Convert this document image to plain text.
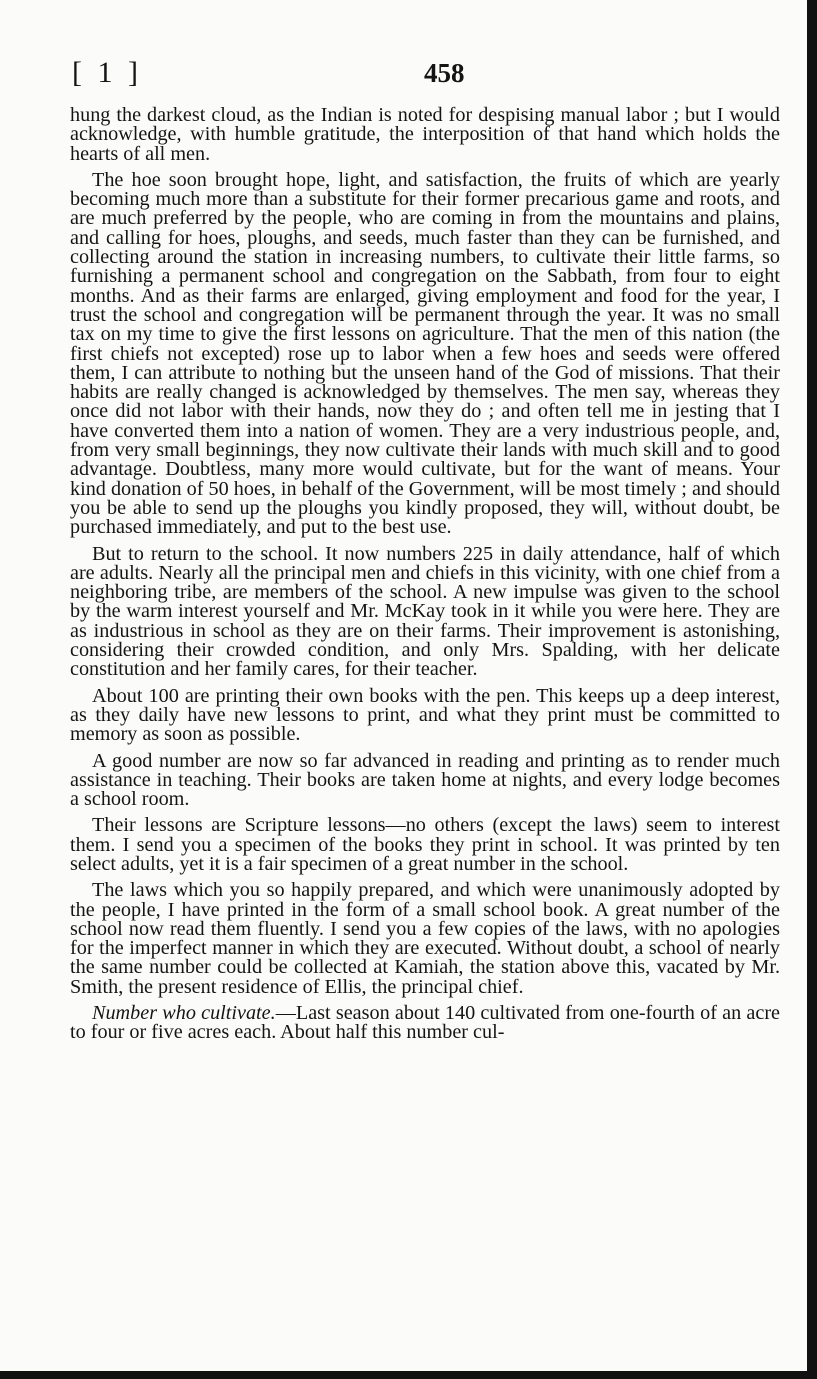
[ 1 ]	458

hung the darkest cloud, as the Indian is noted for despising manual labor ; but I would acknowledge, with humble gratitude, the interposition of that hand which holds the hearts of all men.

The hoe soon brought hope, light, and satisfaction, the fruits of which are yearly becoming much more than a substitute for their former precarious game and roots, and are much preferred by the people, who are coming in from the mountains and plains, and calling for hoes, ploughs, and seeds, much faster than they can be furnished, and collecting around the station in increasing numbers, to cultivate their little farms, so furnishing a permanent school and congregation on the Sabbath, from four to eight months. And as their farms are enlarged, giving employment and food for the year, I trust the school and congregation will be permanent through the year. It was no small tax on my time to give the first lessons on agriculture. That the men of this nation (the first chiefs not excepted) rose up to labor when a few hoes and seeds were offered them, I can attribute to nothing but the unseen hand of the God of missions. That their habits are really changed is acknowledged by themselves. The men say, whereas they once did not labor with their hands, now they do ; and often tell me in jesting that I have converted them into a nation of women. They are a very industrious people, and, from very small beginnings, they now cultivate their lands with much skill and to good advantage. Doubtless, many more would cultivate, but for the want of means. Your kind donation of 50 hoes, in behalf of the Government, will be most timely ; and should you be able to send up the ploughs you kindly proposed, they will, without doubt, be purchased immediately, and put to the best use.

But to return to the school. It now numbers 225 in daily attendance, half of which are adults. Nearly all the principal men and chiefs in this vicinity, with one chief from a neighboring tribe, are members of the school. A new impulse was given to the school by the warm interest yourself and Mr. McKay took in it while you were here. They are as industrious in school as they are on their farms. Their improvement is astonishing, considering their crowded condition, and only Mrs. Spalding, with her delicate constitution and her family cares, for their teacher.

About 100 are printing their own books with the pen. This keeps up a deep interest, as they daily have new lessons to print, and what they print must be committed to memory as soon as possible.

A good number are now so far advanced in reading and printing as to render much assistance in teaching. Their books are taken home at nights, and every lodge becomes a school room.

Their lessons are Scripture lessons—no others (except the laws) seem to interest them. I send you a specimen of the books they print in school. It was printed by ten select adults, yet it is a fair specimen of a great number in the school.

The laws which you so happily prepared, and which were unanimously adopted by the people, I have printed in the form of a small school book. A great number of the school now read them fluently. I send you a few copies of the laws, with no apologies for the imperfect manner in which they are executed. Without doubt, a school of nearly the same number could be collected at Kamiah, the station above this, vacated by Mr. Smith, the present residence of Ellis, the principal chief.

Number who cultivate.—Last season about 140 cultivated from one-fourth of an acre to four or five acres each. About half this number cul-
